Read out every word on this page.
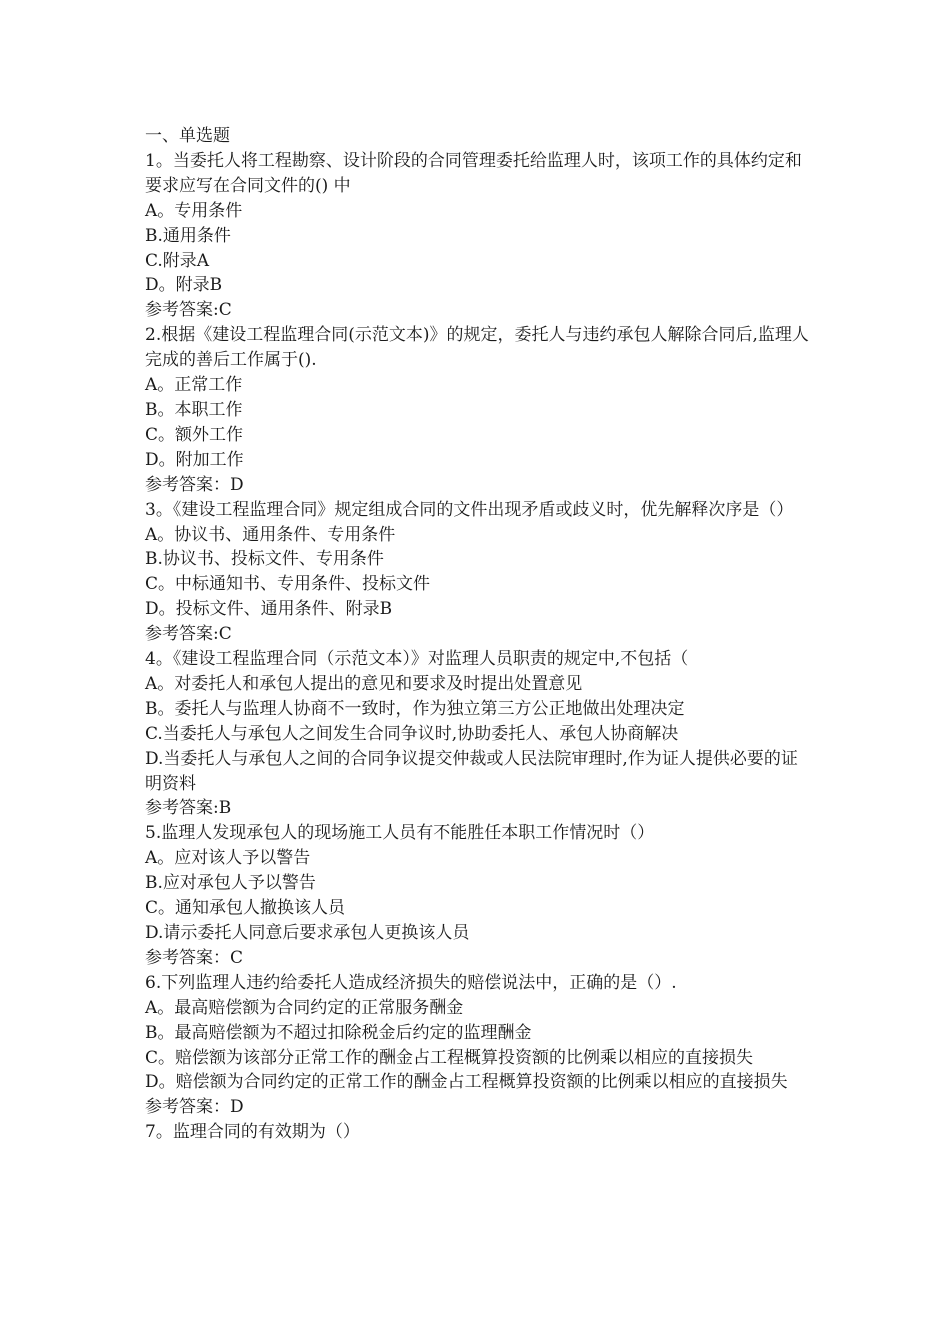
一、单选题

1。当委托人将工程勘察、设计阶段的合同管理委托给监理人时，该项工作的具体约定和要求应写在合同文件的() 中

A。专用条件

B.通用条件

C.附录A

D。附录B

参考答案:C

2.根据《建设工程监理合同(示范文本)》的规定，委托人与违约承包人解除合同后,监理人完成的善后工作属于().

A。正常工作

B。本职工作

C。额外工作

D。附加工作

参考答案：D

3。《建设工程监理合同》规定组成合同的文件出现矛盾或歧义时，优先解释次序是（）

A。协议书、通用条件、专用条件

B.协议书、投标文件、专用条件

C。中标通知书、专用条件、投标文件

D。投标文件、通用条件、附录B

参考答案:C

4。《建设工程监理合同（示范文本）》对监理人员职责的规定中,不包括（

A。对委托人和承包人提出的意见和要求及时提出处置意见

B。委托人与监理人协商不一致时，作为独立第三方公正地做出处理决定

C.当委托人与承包人之间发生合同争议时,协助委托人、承包人协商解决

D.当委托人与承包人之间的合同争议提交仲裁或人民法院审理时,作为证人提供必要的证明资料

参考答案:B

5.监理人发现承包人的现场施工人员有不能胜任本职工作情况时（）

A。应对该人予以警告

B.应对承包人予以警告

C。通知承包人撤换该人员

D.请示委托人同意后要求承包人更换该人员

参考答案：C

6.下列监理人违约给委托人造成经济损失的赔偿说法中，正确的是（）.

A。最高赔偿额为合同约定的正常服务酬金

B。最高赔偿额为不超过扣除税金后约定的监理酬金

C。赔偿额为该部分正常工作的酬金占工程概算投资额的比例乘以相应的直接损失

D。赔偿额为合同约定的正常工作的酬金占工程概算投资额的比例乘以相应的直接损失

参考答案：D

7。监理合同的有效期为（）
